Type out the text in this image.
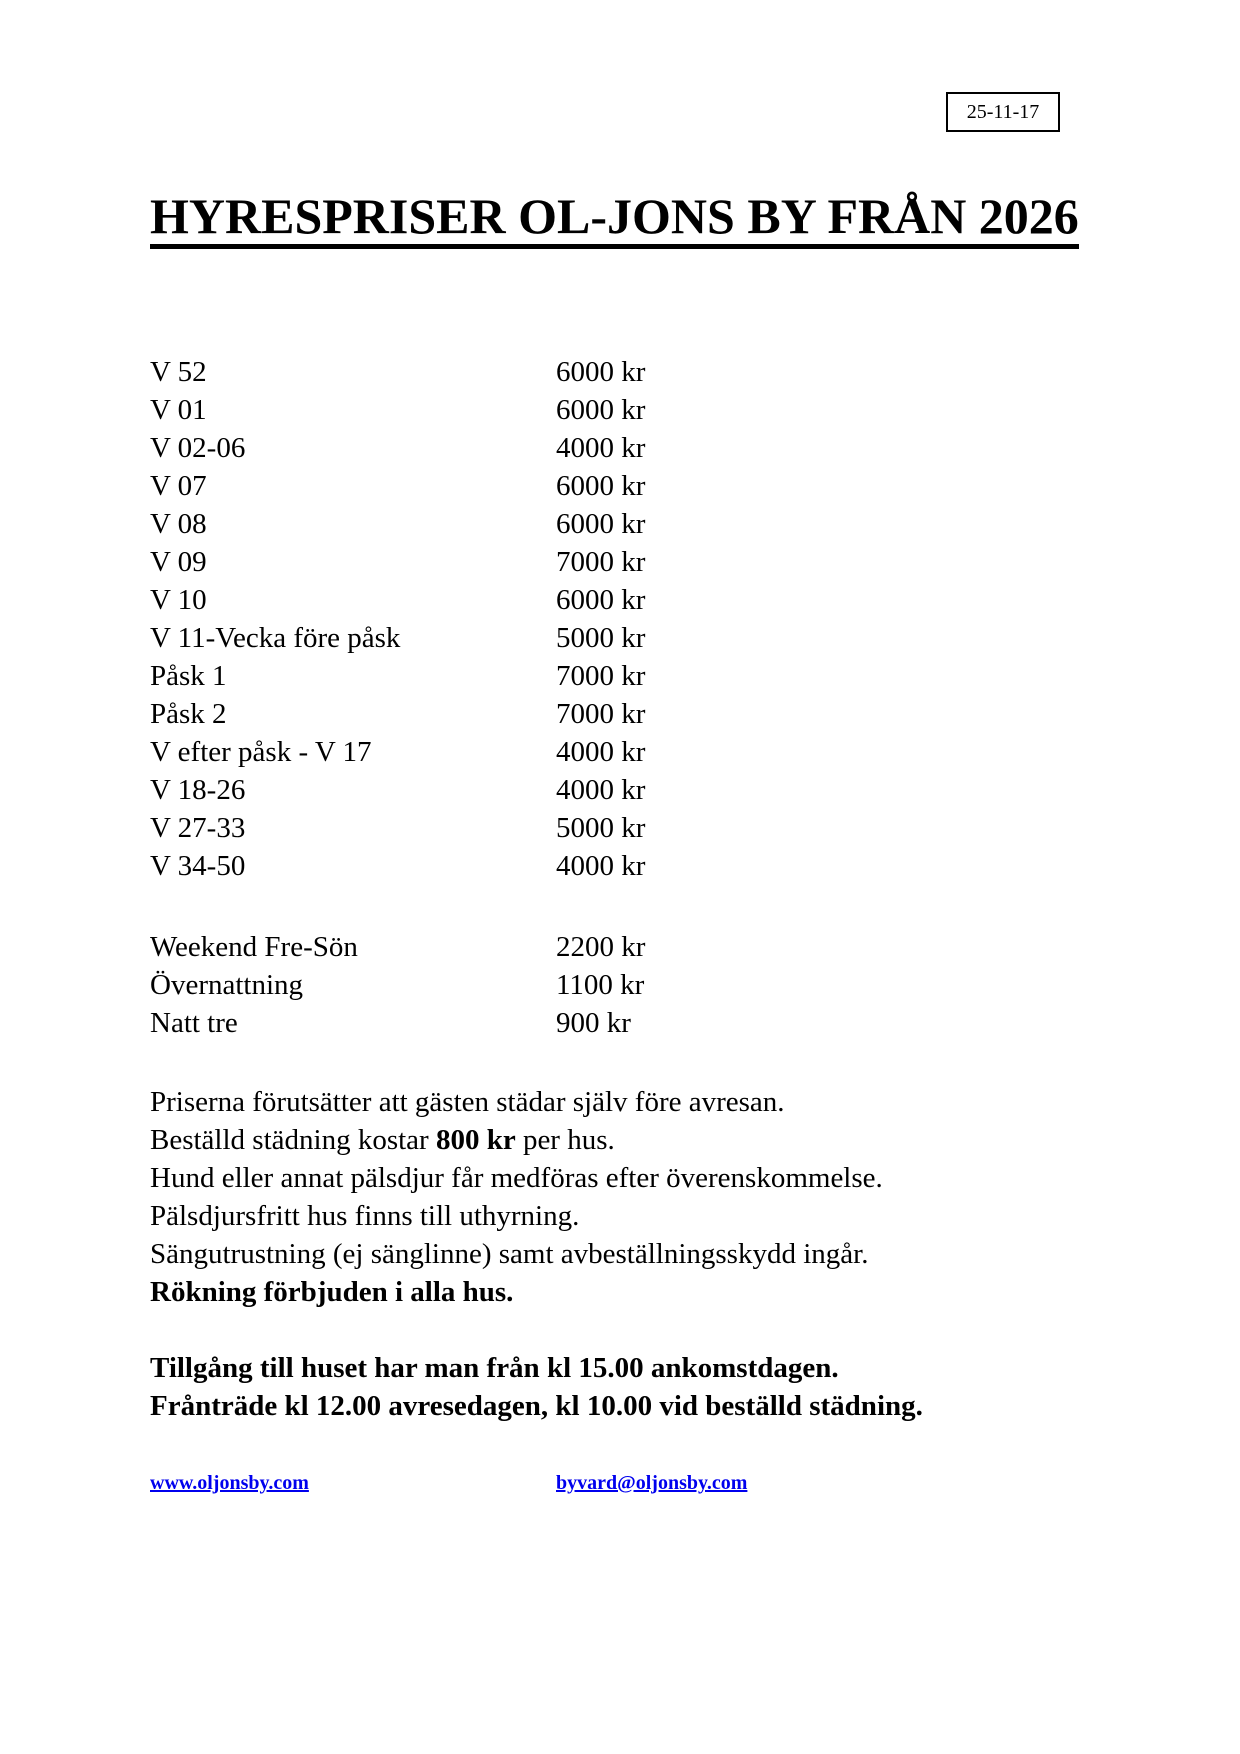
25-11-17
HYRESPRISER OL-JONS BY FRÅN 2026
V 52	6000 kr
V 01	6000 kr
V 02-06	4000 kr
V 07	6000 kr
V 08	6000 kr
V 09	7000 kr
V 10	6000 kr
V 11-Vecka före påsk	5000 kr
Påsk 1	7000 kr
Påsk 2	7000 kr
V efter påsk - V 17	4000 kr
V 18-26	4000 kr
V 27-33	5000 kr
V 34-50	4000 kr
Weekend Fre-Sön	2200 kr
Övernattning	1100 kr
Natt tre	900 kr
Priserna förutsätter att gästen städar själv före avresan.
Beställd städning kostar 800 kr per hus.
Hund eller annat pälsdjur får medföras efter överenskommelse.
Pälsdjursfritt hus finns till uthyrning.
Sängutrustning (ej sänglinne) samt avbeställningsskydd ingår.
Rökning förbjuden i alla hus.
Tillgång till huset har man från kl 15.00 ankomstdagen.
Frånträde kl 12.00 avresedagen, kl 10.00 vid beställd städning.
www.oljonsby.com	byvard@oljonsby.com
